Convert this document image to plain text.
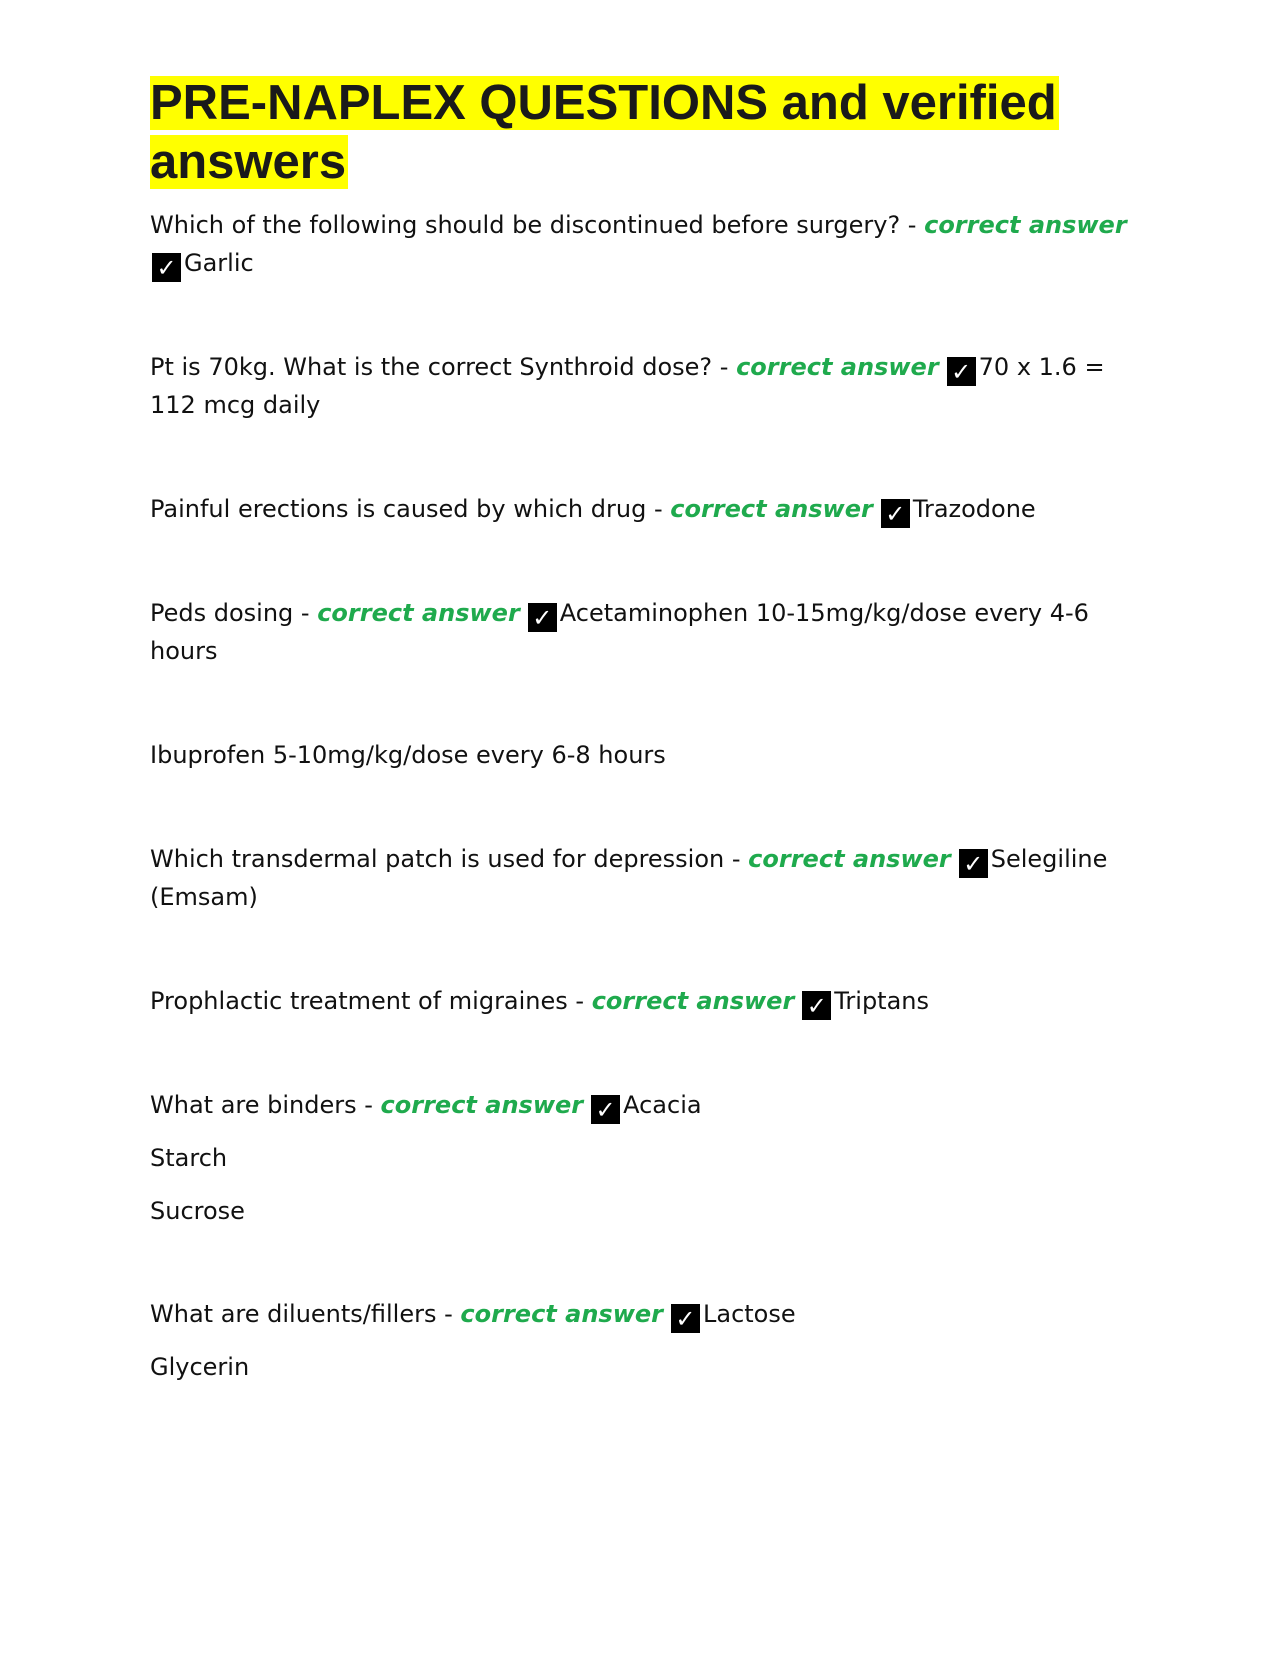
PRE-NAPLEX QUESTIONS and verified answers

Which of the following should be discontinued before surgery? - correct answer
✓ Garlic

Pt is 70kg. What is the correct Synthroid dose? - correct answer ✓ 70 x 1.6 = 112 mcg daily

Painful erections is caused by which drug - correct answer ✓ Trazodone

Peds dosing - correct answer ✓ Acetaminophen 10-15mg/kg/dose every 4-6 hours

Ibuprofen 5-10mg/kg/dose every 6-8 hours

Which transdermal patch is used for depression - correct answer ✓ Selegiline (Emsam)

Prophlactic treatment of migraines - correct answer ✓ Triptans

What are binders - correct answer ✓ Acacia

Starch

Sucrose

What are diluents/fillers - correct answer ✓ Lactose

Glycerin
